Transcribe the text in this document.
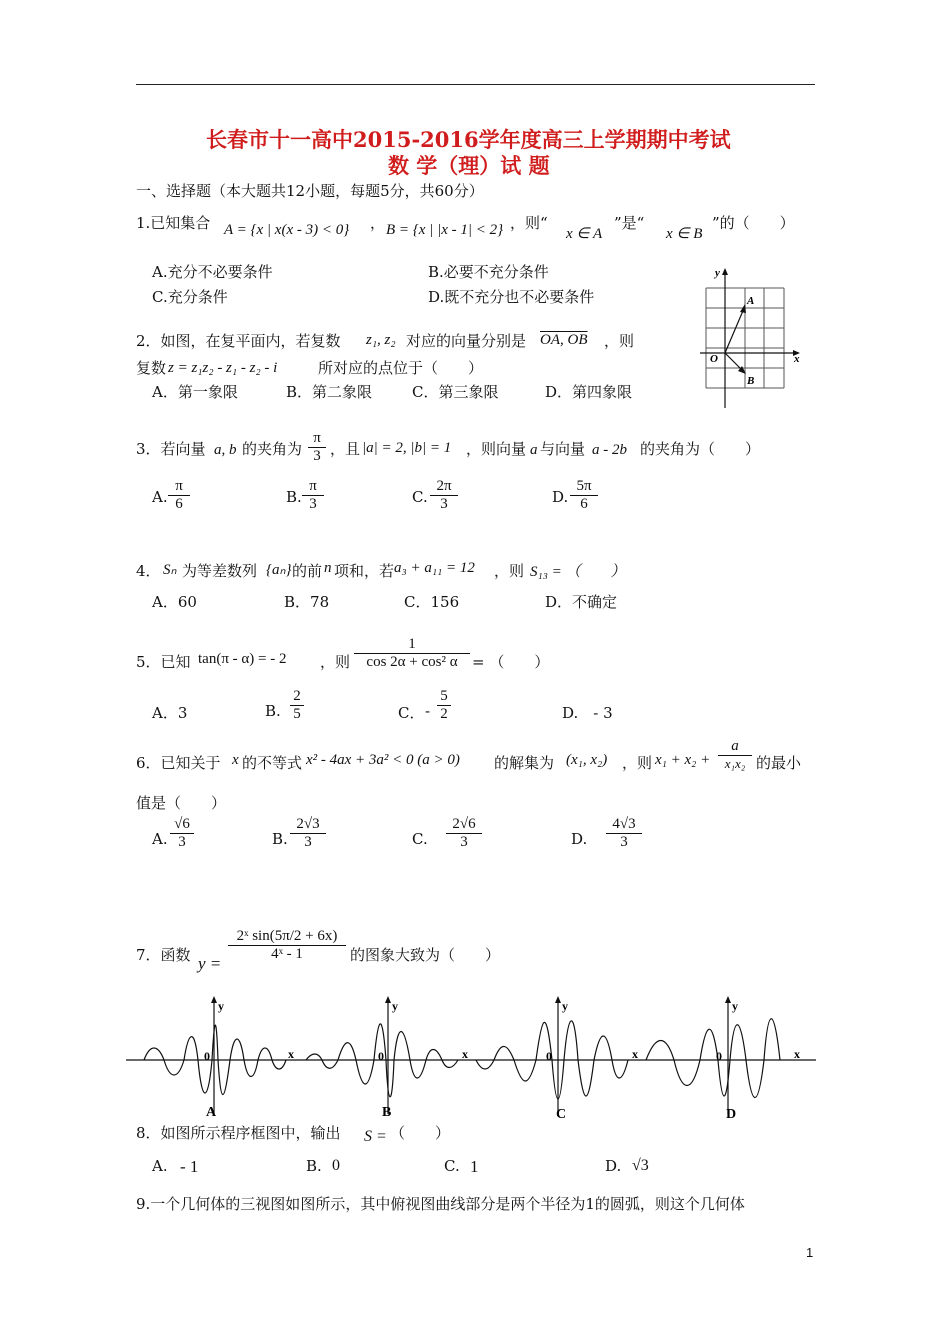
长春市十一高中2015-2016学年度高三上学期期中考试
数 学（理）试 题
一、选择题（本大题共12小题，每题5分，共60分）
1.已知集合 A = {x | x(x - 3) < 0} ， B = {x | |x - 1| < 2} ，则“
x ∈ A
”是“
x ∈ B
”的（　　）
A.充分不必要条件	B.必要不充分条件
C.充分条件	D.既不充分也不必要条件
y
x
O
A
B
2．如图，在复平面内，若复数 z₁, z₂ 对应的向量分别是 OA, OB ，则
复数 z = z₁z₂ - z₁ - z₂ - i	所对应的点位于（　　）
A．第一象限	B．第二象限	C．第三象限	D．第四象限
3．若向量 a, b 的夹角为 $\frac{\pi}{3}$ ，且 |a| = 2, |b| = 1 ，则向量 a 与向量 a - 2b 的夹角为（　　）
A. $\frac{\pi}{6}$	B. $\frac{\pi}{3}$	C. $\frac{2\pi}{3}$	D. $\frac{5\pi}{6}$
4． Sₙ 为等差数列 {aₙ} 的前 n 项和，若 a₃ + a₁₁ = 12 ，则 S₁₃ = （　　）
A．60	B．78	C．156	D．不确定
5．已知 tan(π - α) = - 2 ，则 $\frac{1}{\text{cos 2α + cos² α}}$ = （　　）
A．3	B. $\frac{2}{5}$	C． - $\frac{5}{2}$	D.　- 3
6．已知关于 x 的不等式 x² - 4ax + 3a² < 0 (a > 0) 的解集为 (x₁, x₂) ，则 $x_1 + x_2 + \frac{a}{\text{x₁x₂}}$ 的最小
值是（　　）
A. $\frac{√6}{3}$	B. $\frac{2√3}{3}$	C. $\frac{2√6}{3}$	D. $\frac{4√3}{3}$
7．函数 y =
$\frac{\text{2ˣ sin(5π/2 + 6x)}}{\text{4ˣ - 1}}$ 的图象大致为（　　）
y
0	x
A
y
0	x
B
y
0	x
C
y
0	x
D
8．如图所示程序框图中，输出 S = （　　）
A. - 1	B. 0	C. 1	D. √3
9.一个几何体的三视图如图所示，其中俯视图曲线部分是两个半径为1的圆弧，则这个几何体
1
